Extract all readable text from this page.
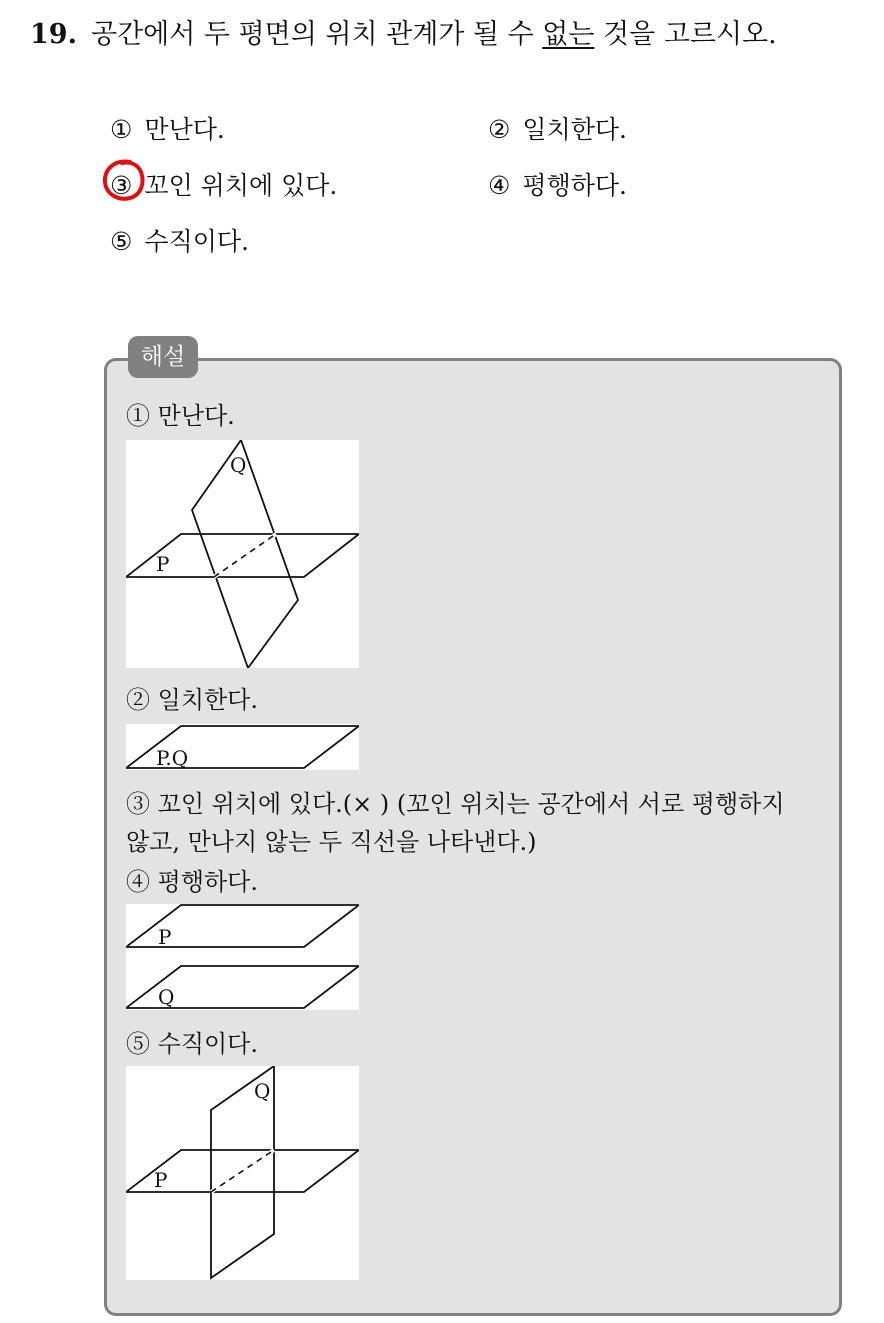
19. 공간에서 두 평면의 위치 관계가 될 수 없는 것을 고르시오.
① 만난다.	② 일치한다.
③ 꼬인 위치에 있다.	④ 평행하다.
⑤ 수직이다.
해설
① 만난다.
Q
P
② 일치한다.
P.Q
③ 꼬인 위치에 있다.(× ) (꼬인 위치는 공간에서 서로 평행하지
않고, 만나지 않는 두 직선을 나타낸다.)
④ 평행하다.
P
Q
⑤ 수직이다.
Q
P
